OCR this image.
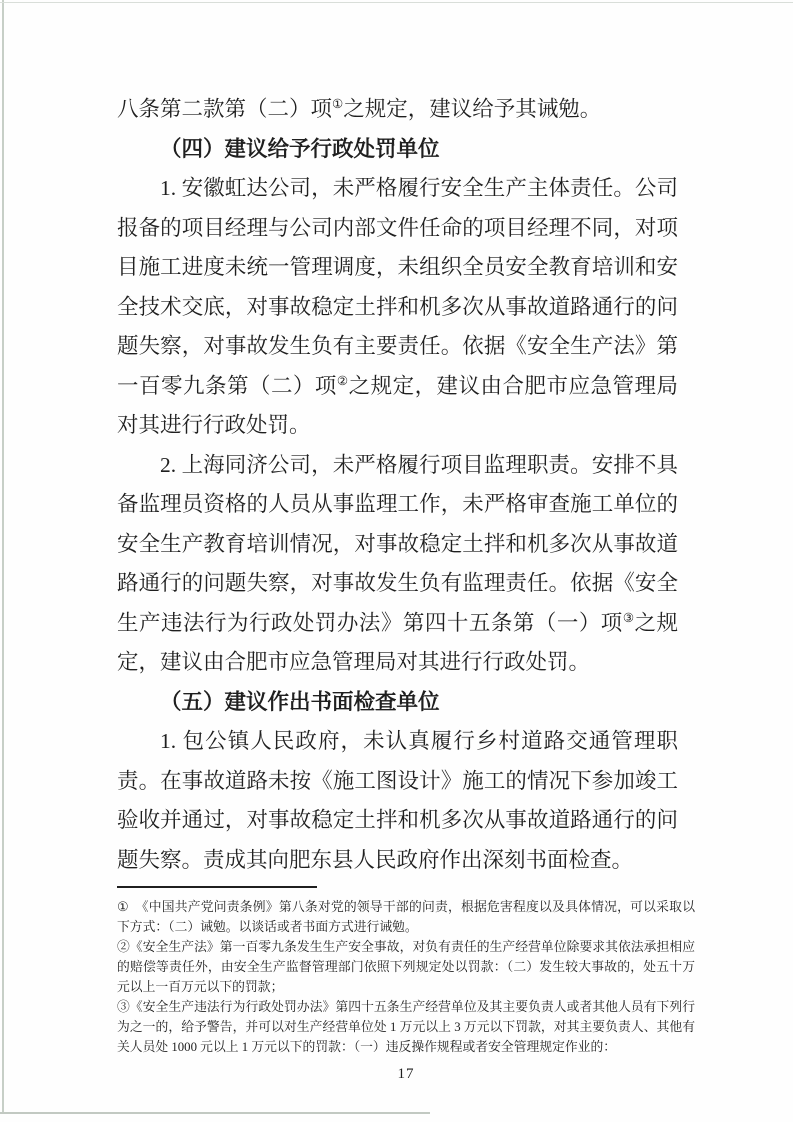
八条第二款第（二）项①之规定，建议给予其诫勉。

（四）建议给予行政处罚单位

1. 安徽虹达公司，未严格履行安全生产主体责任。公司报备的项目经理与公司内部文件任命的项目经理不同，对项目施工进度未统一管理调度，未组织全员安全教育培训和安全技术交底，对事故稳定土拌和机多次从事故道路通行的问题失察，对事故发生负有主要责任。依据《安全生产法》第一百零九条第（二）项②之规定，建议由合肥市应急管理局对其进行行政处罚。

2. 上海同济公司，未严格履行项目监理职责。安排不具备监理员资格的人员从事监理工作，未严格审查施工单位的安全生产教育培训情况，对事故稳定土拌和机多次从事故道路通行的问题失察，对事故发生负有监理责任。依据《安全生产违法行为行政处罚办法》第四十五条第（一）项③之规定，建议由合肥市应急管理局对其进行行政处罚。

（五）建议作出书面检查单位

1. 包公镇人民政府，未认真履行乡村道路交通管理职责。在事故道路未按《施工图设计》施工的情况下参加竣工验收并通过，对事故稳定土拌和机多次从事故道路通行的问题失察。责成其向肥东县人民政府作出深刻书面检查。

① 《中国共产党问责条例》第八条对党的领导干部的问责，根据危害程度以及具体情况，可以采取以下方式：（二）诫勉。以谈话或者书面方式进行诫勉。

②《安全生产法》第一百零九条发生生产安全事故，对负有责任的生产经营单位除要求其依法承担相应的赔偿等责任外，由安全生产监督管理部门依照下列规定处以罚款：（二）发生较大事故的，处五十万元以上一百万元以下的罚款；

③《安全生产违法行为行政处罚办法》第四十五条生产经营单位及其主要负责人或者其他人员有下列行为之一的，给予警告，并可以对生产经营单位处 1 万元以上 3 万元以下罚款，对其主要负责人、其他有关人员处 1000 元以上 1 万元以下的罚款：（一）违反操作规程或者安全管理规定作业的：

17
